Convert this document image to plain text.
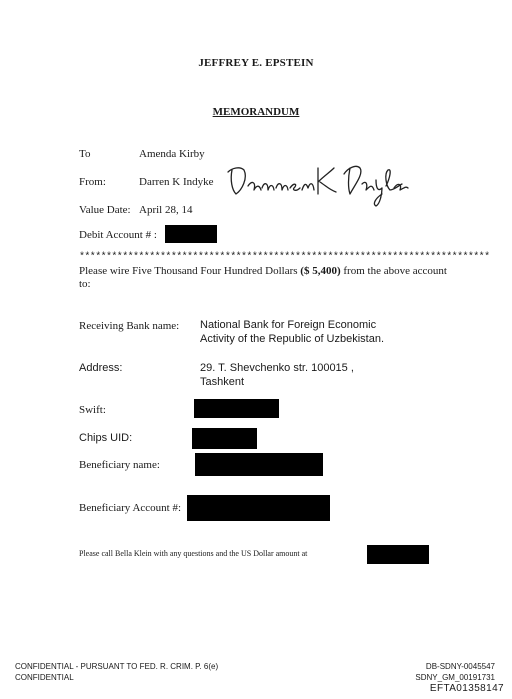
JEFFREY E. EPSTEIN
MEMORANDUM
To	Amenda Kirby
From:	Darren K Indyke
Value Date: April 28, 14
Debit Account # :
****************************************************************************
Please wire Five Thousand Four Hundred Dollars ($ 5,400) from the above account to:
Receiving Bank name: National Bank for Foreign Economic
Activity of the Republic of Uzbekistan.
Address:	29. T. Shevchenko str. 100015 ,
Tashkent
Swift:
Chips UID:
Beneficiary name:
Beneficiary Account #:
Please call Bella Klein with any questions and the US Dollar amount at
CONFIDENTIAL - PURSUANT TO FED. R. CRIM. P. 6(e)
CONFIDENTIAL
DB-SDNY-0045547
SDNY_GM_00191731
EFTA01358147
